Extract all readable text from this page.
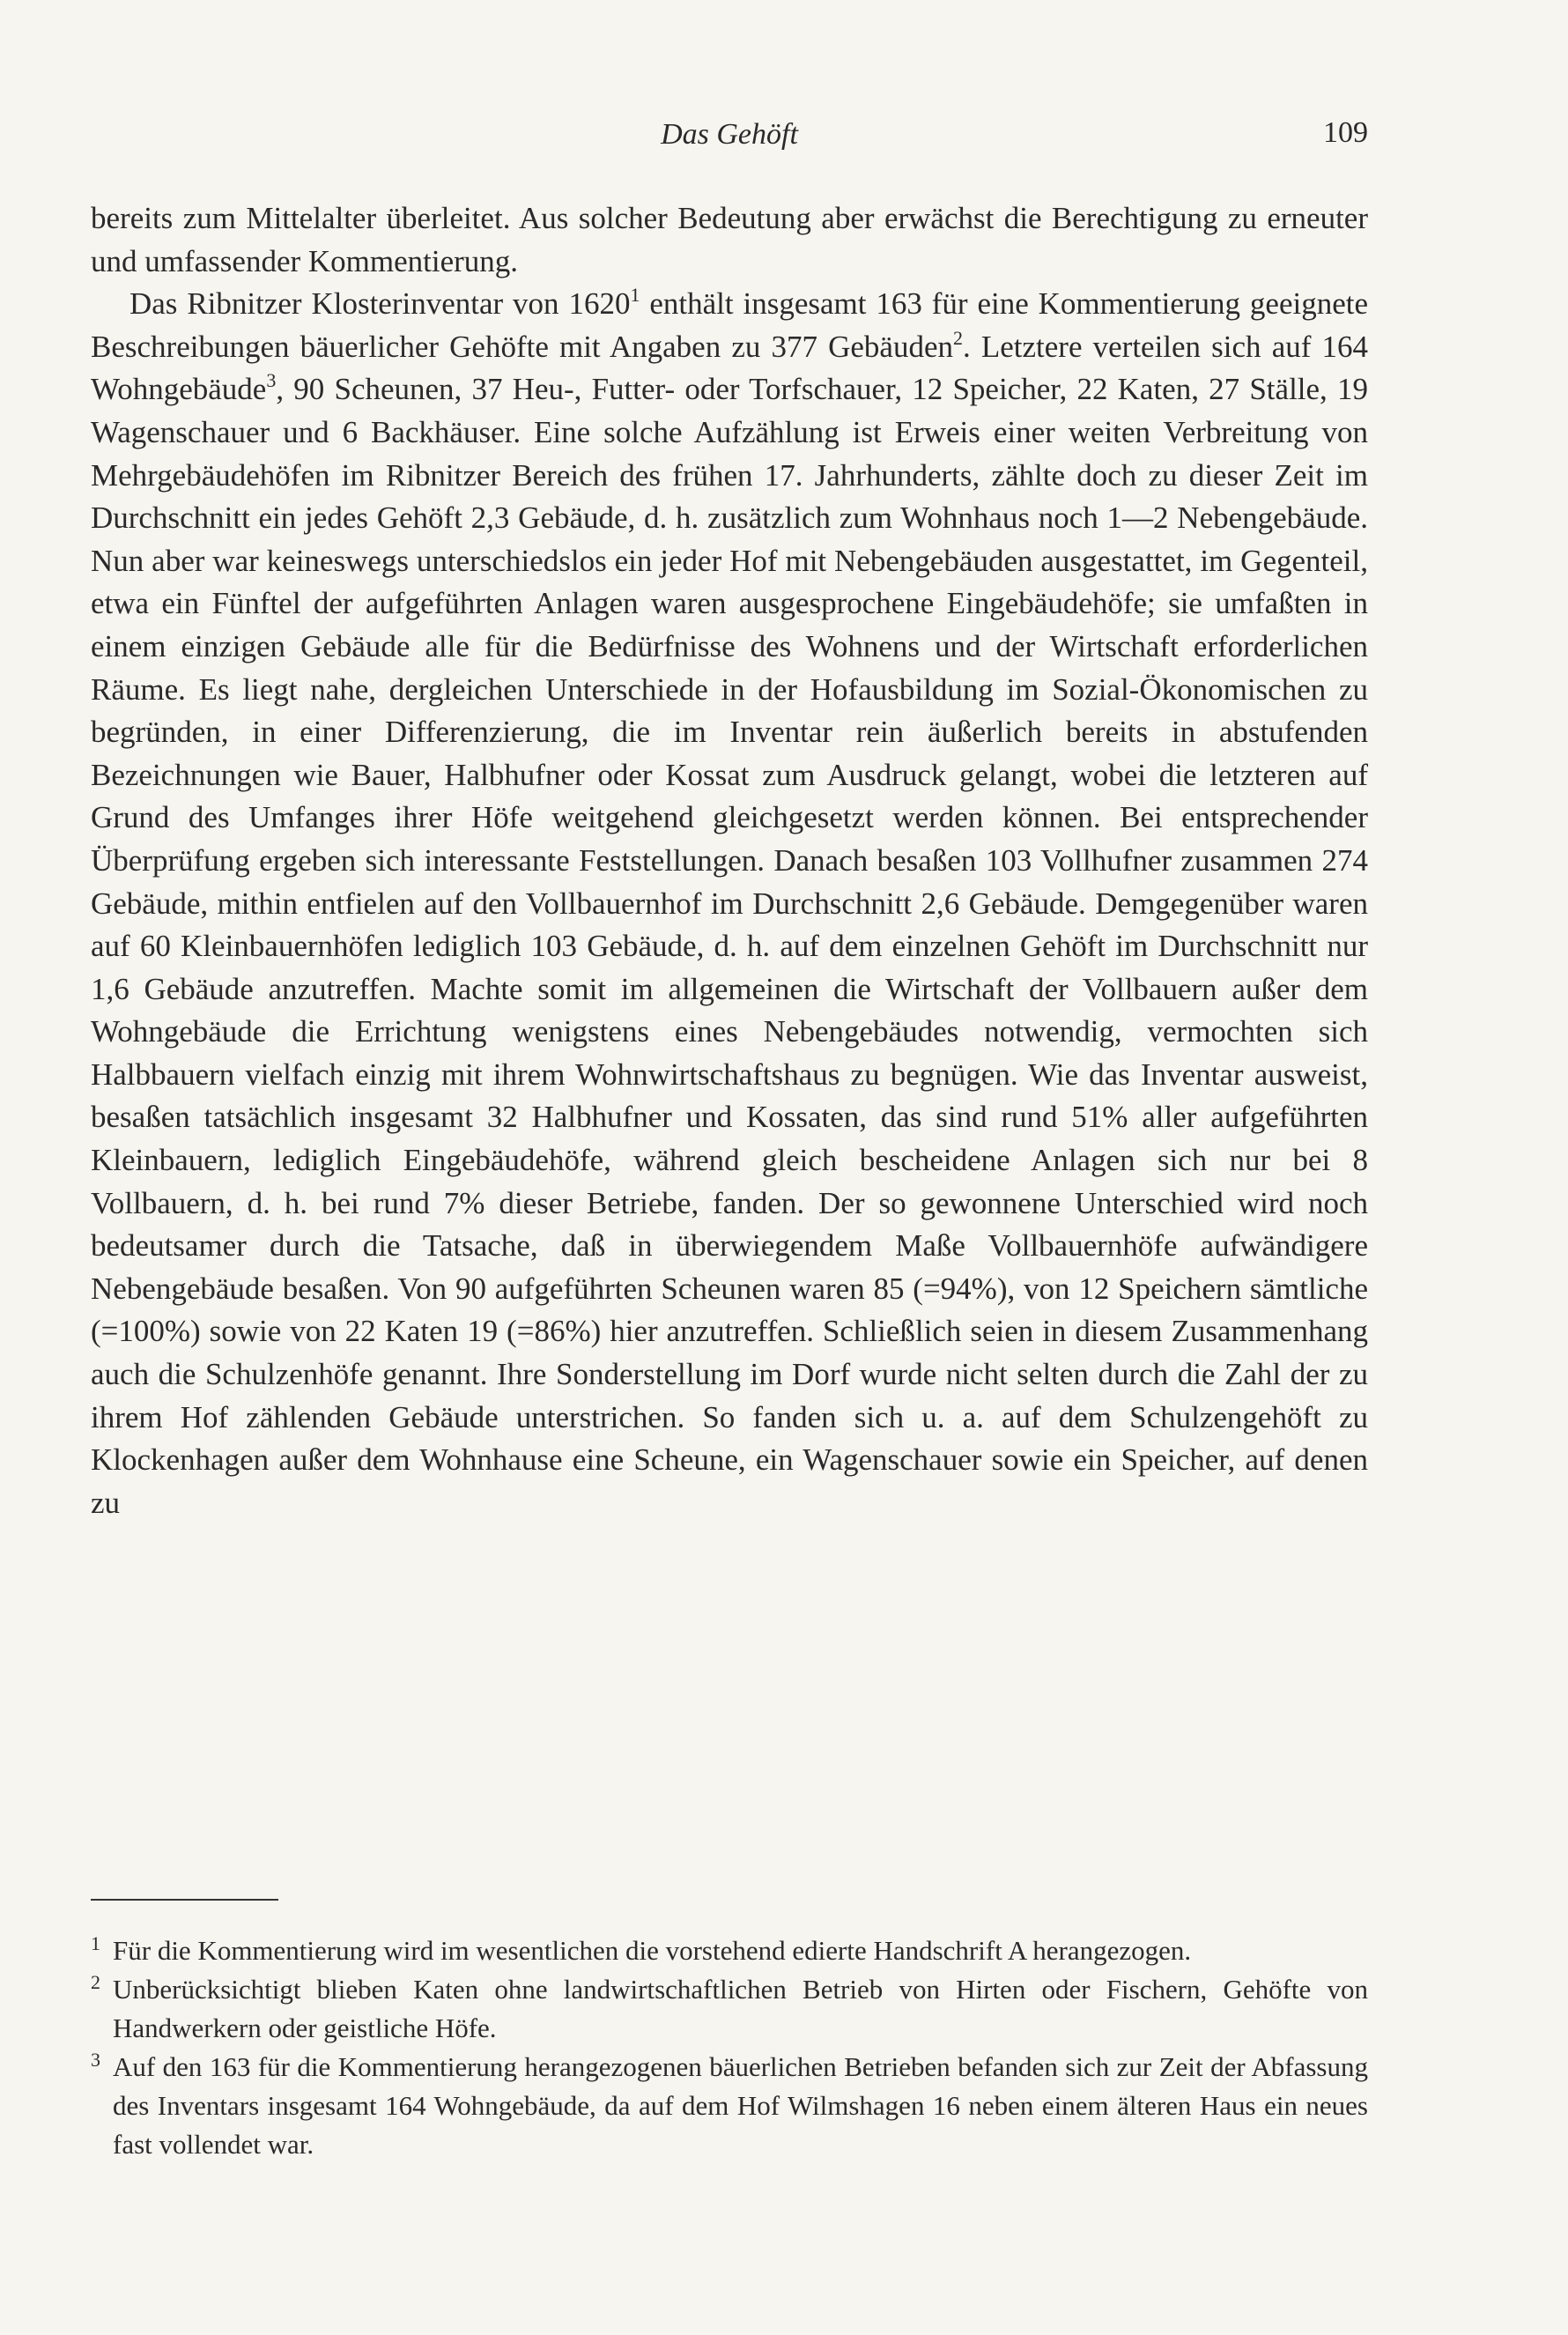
Das Gehöft	109

bereits zum Mittelalter überleitet. Aus solcher Bedeutung aber erwächst die Berechtigung zu erneuter und umfassender Kommentierung.

Das Ribnitzer Klosterinventar von 1620$^1$ enthält insgesamt 163 für eine Kommentierung geeignete Beschreibungen bäuerlicher Gehöfte mit Angaben zu 377 Gebäuden$^2$. Letztere verteilen sich auf 164 Wohngebäude$^3$, 90 Scheunen, 37 Heu-, Futter- oder Torfschauer, 12 Speicher, 22 Katen, 27 Ställe, 19 Wagenschauer und 6 Backhäuser. Eine solche Aufzählung ist Erweis einer weiten Verbreitung von Mehrgebäudehöfen im Ribnitzer Bereich des frühen 17. Jahrhunderts, zählte doch zu dieser Zeit im Durchschnitt ein jedes Gehöft 2,3 Gebäude, d. h. zusätzlich zum Wohnhaus noch 1—2 Nebengebäude. Nun aber war keineswegs unterschiedslos ein jeder Hof mit Nebengebäuden ausgestattet, im Gegenteil, etwa ein Fünftel der aufgeführten Anlagen waren ausgesprochene Eingebäudehöfe; sie umfaßten in einem einzigen Gebäude alle für die Bedürfnisse des Wohnens und der Wirtschaft erforderlichen Räume. Es liegt nahe, dergleichen Unterschiede in der Hofausbildung im Sozial-Ökonomischen zu begründen, in einer Differenzierung, die im Inventar rein äußerlich bereits in abstufenden Bezeichnungen wie Bauer, Halbhufner oder Kossat zum Ausdruck gelangt, wobei die letzteren auf Grund des Umfanges ihrer Höfe weitgehend gleichgesetzt werden können. Bei entsprechender Überprüfung ergeben sich interessante Feststellungen. Danach besaßen 103 Vollhufner zusammen 274 Gebäude, mithin entfielen auf den Vollbauernhof im Durchschnitt 2,6 Gebäude. Demgegenüber waren auf 60 Kleinbauernhöfen lediglich 103 Gebäude, d. h. auf dem einzelnen Gehöft im Durchschnitt nur 1,6 Gebäude anzutreffen. Machte somit im allgemeinen die Wirtschaft der Vollbauern außer dem Wohngebäude die Errichtung wenigstens eines Nebengebäudes notwendig, vermochten sich Halbbauern vielfach einzig mit ihrem Wohnwirtschaftshaus zu begnügen. Wie das Inventar ausweist, besaßen tatsächlich insgesamt 32 Halbhufner und Kossaten, das sind rund 51% aller aufgeführten Kleinbauern, lediglich Eingebäudehöfe, während gleich bescheidene Anlagen sich nur bei 8 Vollbauern, d. h. bei rund 7% dieser Betriebe, fanden. Der so gewonnene Unterschied wird noch bedeutsamer durch die Tatsache, daß in überwiegendem Maße Vollbauernhöfe aufwändigere Nebengebäude besaßen. Von 90 aufgeführten Scheunen waren 85 (=94%), von 12 Speichern sämtliche (=100%) sowie von 22 Katen 19 (=86%) hier anzutreffen. Schließlich seien in diesem Zusammenhang auch die Schulzenhöfe genannt. Ihre Sonderstellung im Dorf wurde nicht selten durch die Zahl der zu ihrem Hof zählenden Gebäude unterstrichen. So fanden sich u. a. auf dem Schulzengehöft zu Klockenhagen außer dem Wohnhause eine Scheune, ein Wagenschauer sowie ein Speicher, auf denen zu

1 Für die Kommentierung wird im wesentlichen die vorstehend edierte Handschrift A herangezogen.
2 Unberücksichtigt blieben Katen ohne landwirtschaftlichen Betrieb von Hirten oder Fischern, Gehöfte von Handwerkern oder geistliche Höfe.
3 Auf den 163 für die Kommentierung herangezogenen bäuerlichen Betrieben befanden sich zur Zeit der Abfassung des Inventars insgesamt 164 Wohngebäude, da auf dem Hof Wilmshagen 16 neben einem älteren Haus ein neues fast vollendet war.
